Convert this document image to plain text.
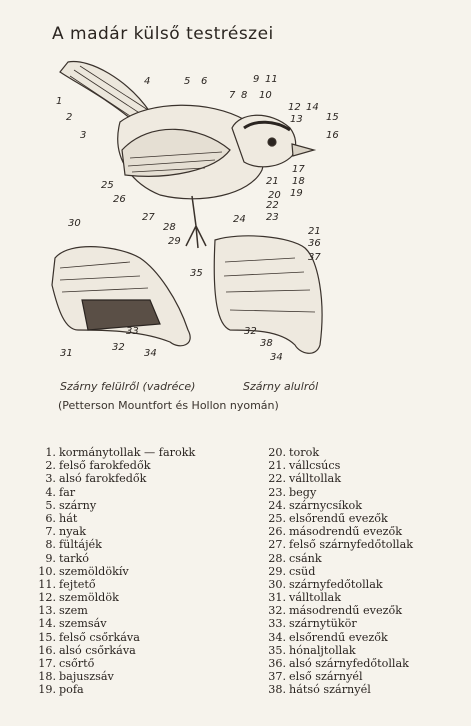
A madár külső testrészei
1
2
3
4	5 6
7 8
9
10
11
12
13
14
15
16
17
18
19
20
21
22
23
24
25
26
27
28
29
30
31
32
33
34
35
36
37
21
32
38
34
Szárny felülről (vadréce)	Szárny alulról
(Petterson Mountfort és Hollon nyomán)
1. kormánytollak — farokk
2. felső farokfedők
3. alsó farokfedők
4. far
5. szárny
6. hát
7. nyak
8. fültájék
9. tarkó
10. szemöldökív
11. fejtető
12. szemöldök
13. szem
14. szemsáv
15. felső csőrkáva
16. alsó csőrkáva
17. csőrtő
18. bajuszsáv
19. pofa
20. torok
21. vállcsúcs
22. válltollak
23. begy
24. szárnycsíkok
25. elsőrendű evezők
26. másodrendű evezők
27. felső szárnyfedőtollak
28. csánk
29. csüd
30. szárnyfedőtollak
31. válltollak
32. másodrendű evezők
33. szárnytükör
34. elsőrendű evezők
35. hónaljtollak
36. alsó szárnyfedőtollak
37. első szárnyél
38. hátsó szárnyél
